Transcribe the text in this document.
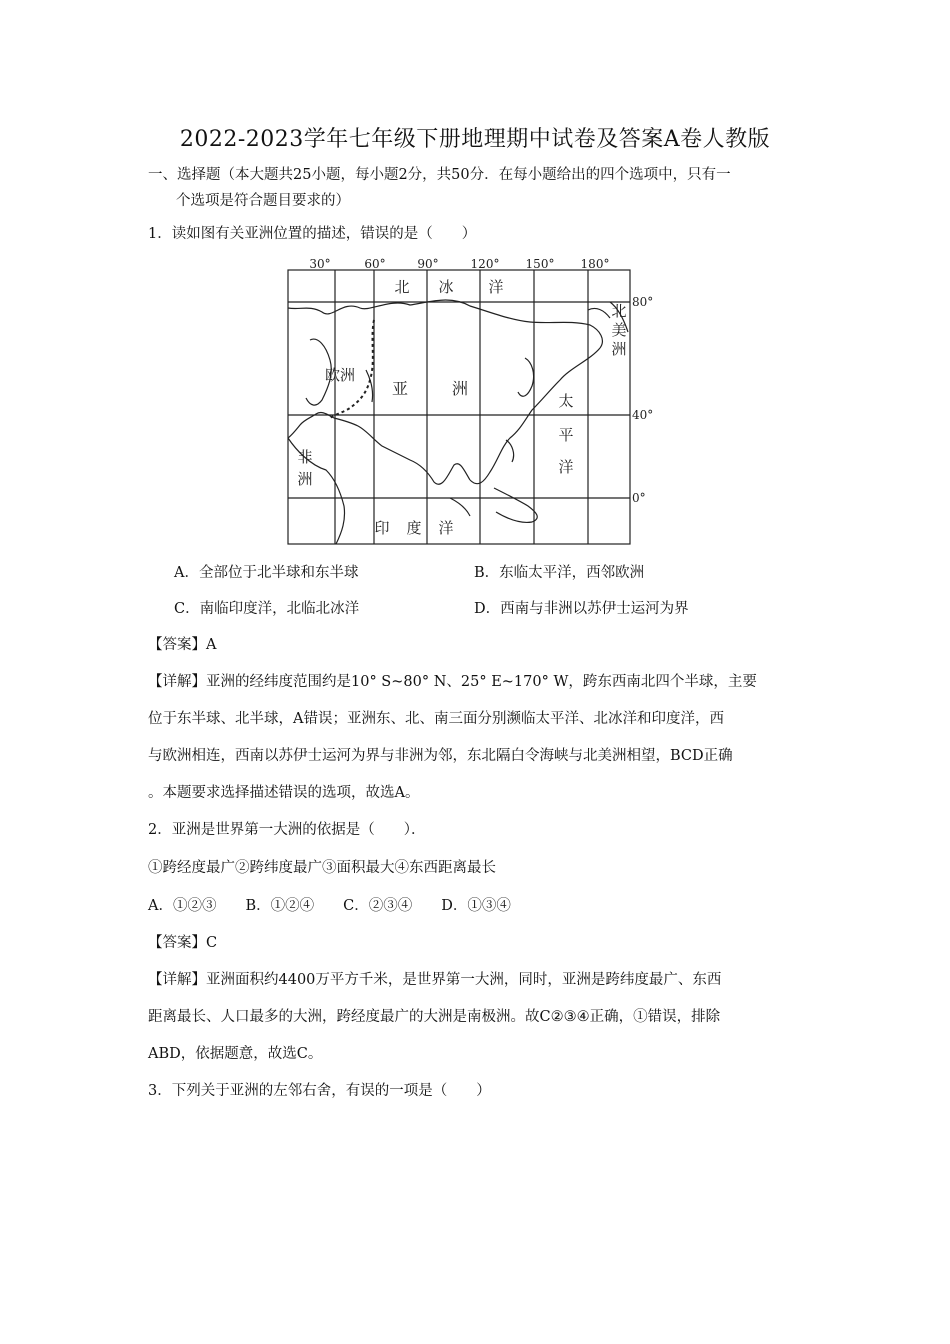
2022-2023学年七年级下册地理期中试卷及答案A卷人教版
一、选择题（本大题共25小题，每小题2分，共50分．在每小题给出的四个选项中，只有一
个选项是符合题目要求的）
1．读如图有关亚洲位置的描述，错误的是（　　）
30°	60°	90°	120° 150° 180°
80°
40°
0°
北 冰 洋
北
美
洲
欧洲
亚	洲
太
平
洋
非
洲
印 度 洋
A．全部位于北半球和东半球	B．东临太平洋，西邻欧洲
C．南临印度洋，北临北冰洋	D．西南与非洲以苏伊士运河为界
【答案】A
【详解】亚洲的经纬度范围约是10° S~80° N、25° E~170° W，跨东西南北四个半球，主要
位于东半球、北半球，A错误；亚洲东、北、南三面分别濒临太平洋、北冰洋和印度洋，西
与欧洲相连，西南以苏伊士运河为界与非洲为邻，东北隔白令海峡与北美洲相望，BCD正确
。本题要求选择描述错误的选项，故选A。
2．亚洲是世界第一大洲的依据是（　　）．
①跨经度最广②跨纬度最广③面积最大④东西距离最长
A．①②③　　B．①②④　　C．②③④　　D．①③④
【答案】C
【详解】亚洲面积约4400万平方千米，是世界第一大洲，同时，亚洲是跨纬度最广、东西
距离最长、人口最多的大洲，跨经度最广的大洲是南极洲。故C②③④正确，①错误，排除
ABD，依据题意，故选C。
3．下列关于亚洲的左邻右舍，有误的一项是（　　）
